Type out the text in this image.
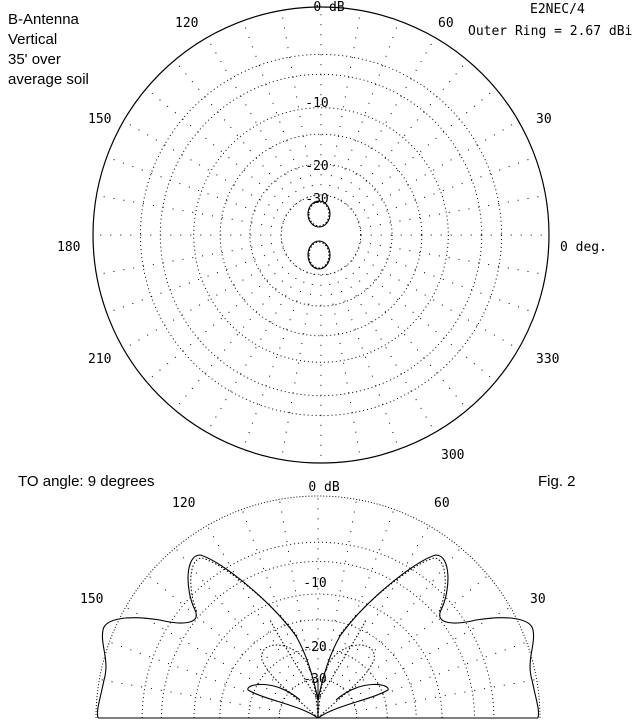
B-Antenna
Vertical
35' over
average soil
E2NEC/4
Outer Ring = 2.67 dBi
TO angle: 9 degrees	Fig. 2
0 dB
-10
-20
-30
0 deg.
30
60
120
150
180
210
300
330
0 dB
-10
-20
-30
30
60
120
150
